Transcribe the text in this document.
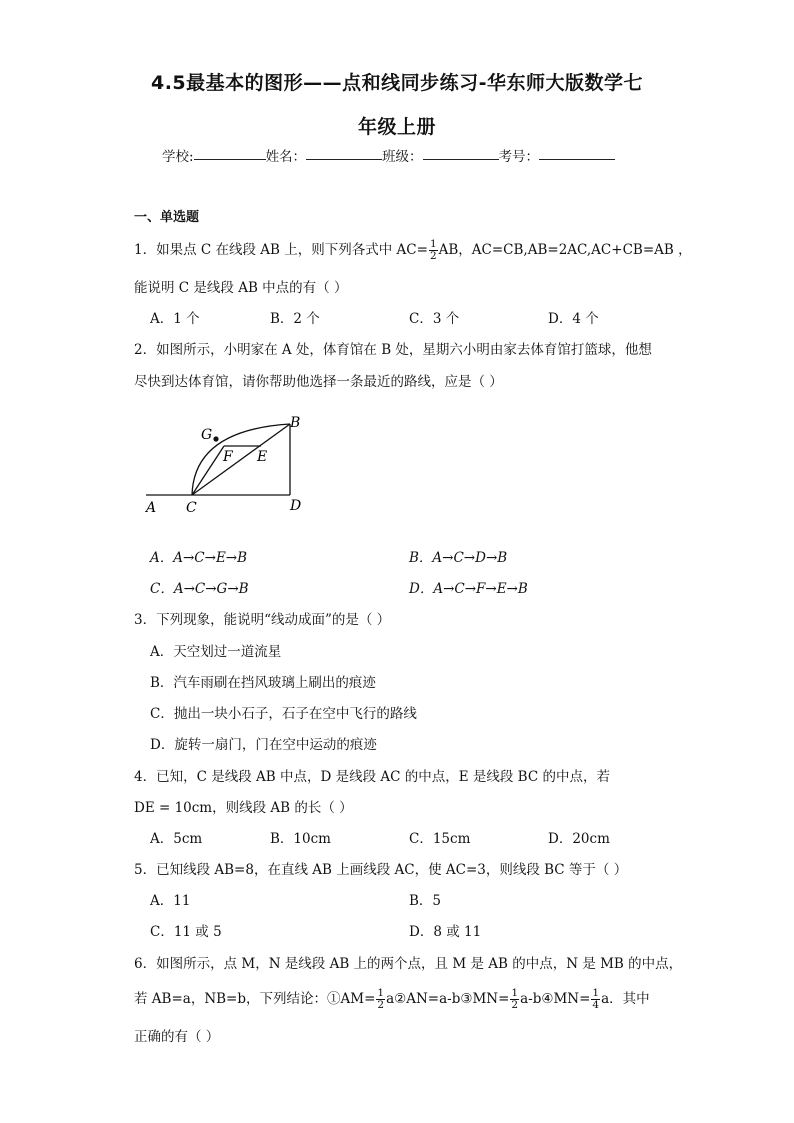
4.5最基本的图形——点和线同步练习-华东师大版数学七
年级上册
学校:	姓名：	班级：	考号：
一、单选题
1．如果点 C 在线段 AB 上，则下列各式中 $AC= \frac{1}{2}$ AB，AC=CB,AB=2AC,AC+CB=AB ，
能说明 C 是线段 AB 中点的有（ ）
A．1 个	B．2 个	C．3 个	D．4 个
2．如图所示，小明家在 A 处，体育馆在 B 处，星期六小明由家去体育馆打篮球，他想
尽快到达体育馆，请你帮助他选择一条最近的路线，应是（ ）
A C	D
B
G
F E
A．A→C→E→B	B．A→C→D→B
C．A→C→G→B	D．A→C→F→E→B
3．下列现象，能说明“线动成面”的是（ ）
A．天空划过一道流星
B．汽车雨刷在挡风玻璃上刷出的痕迹
C．抛出一块小石子，石子在空中飞行的路线
D．旋转一扇门，门在空中运动的痕迹
4．已知，C 是线段 AB 中点，D 是线段 AC 的中点，E 是线段 BC 的中点，若
DE = 10cm，则线段 AB 的长（ ）
A．5cm	B．10cm	C．15cm	D．20cm
5．已知线段 AB=8，在直线 AB 上画线段 AC，使 AC=3，则线段 BC 等于（ ）
A．11	B．5
C．11 或 5	D．8 或 11
6．如图所示，点 M，N 是线段 AB 上的两个点，且 M 是 AB 的中点，N 是 MB 的中点，
若 AB=a，NB=b，下列结论：①AM= $\frac{1}{2}$ a②AN=a-b③MN= $\frac{1}{2}$ a-b④MN= $\frac{1}{4}$ a．其中
正确的有（ ）
